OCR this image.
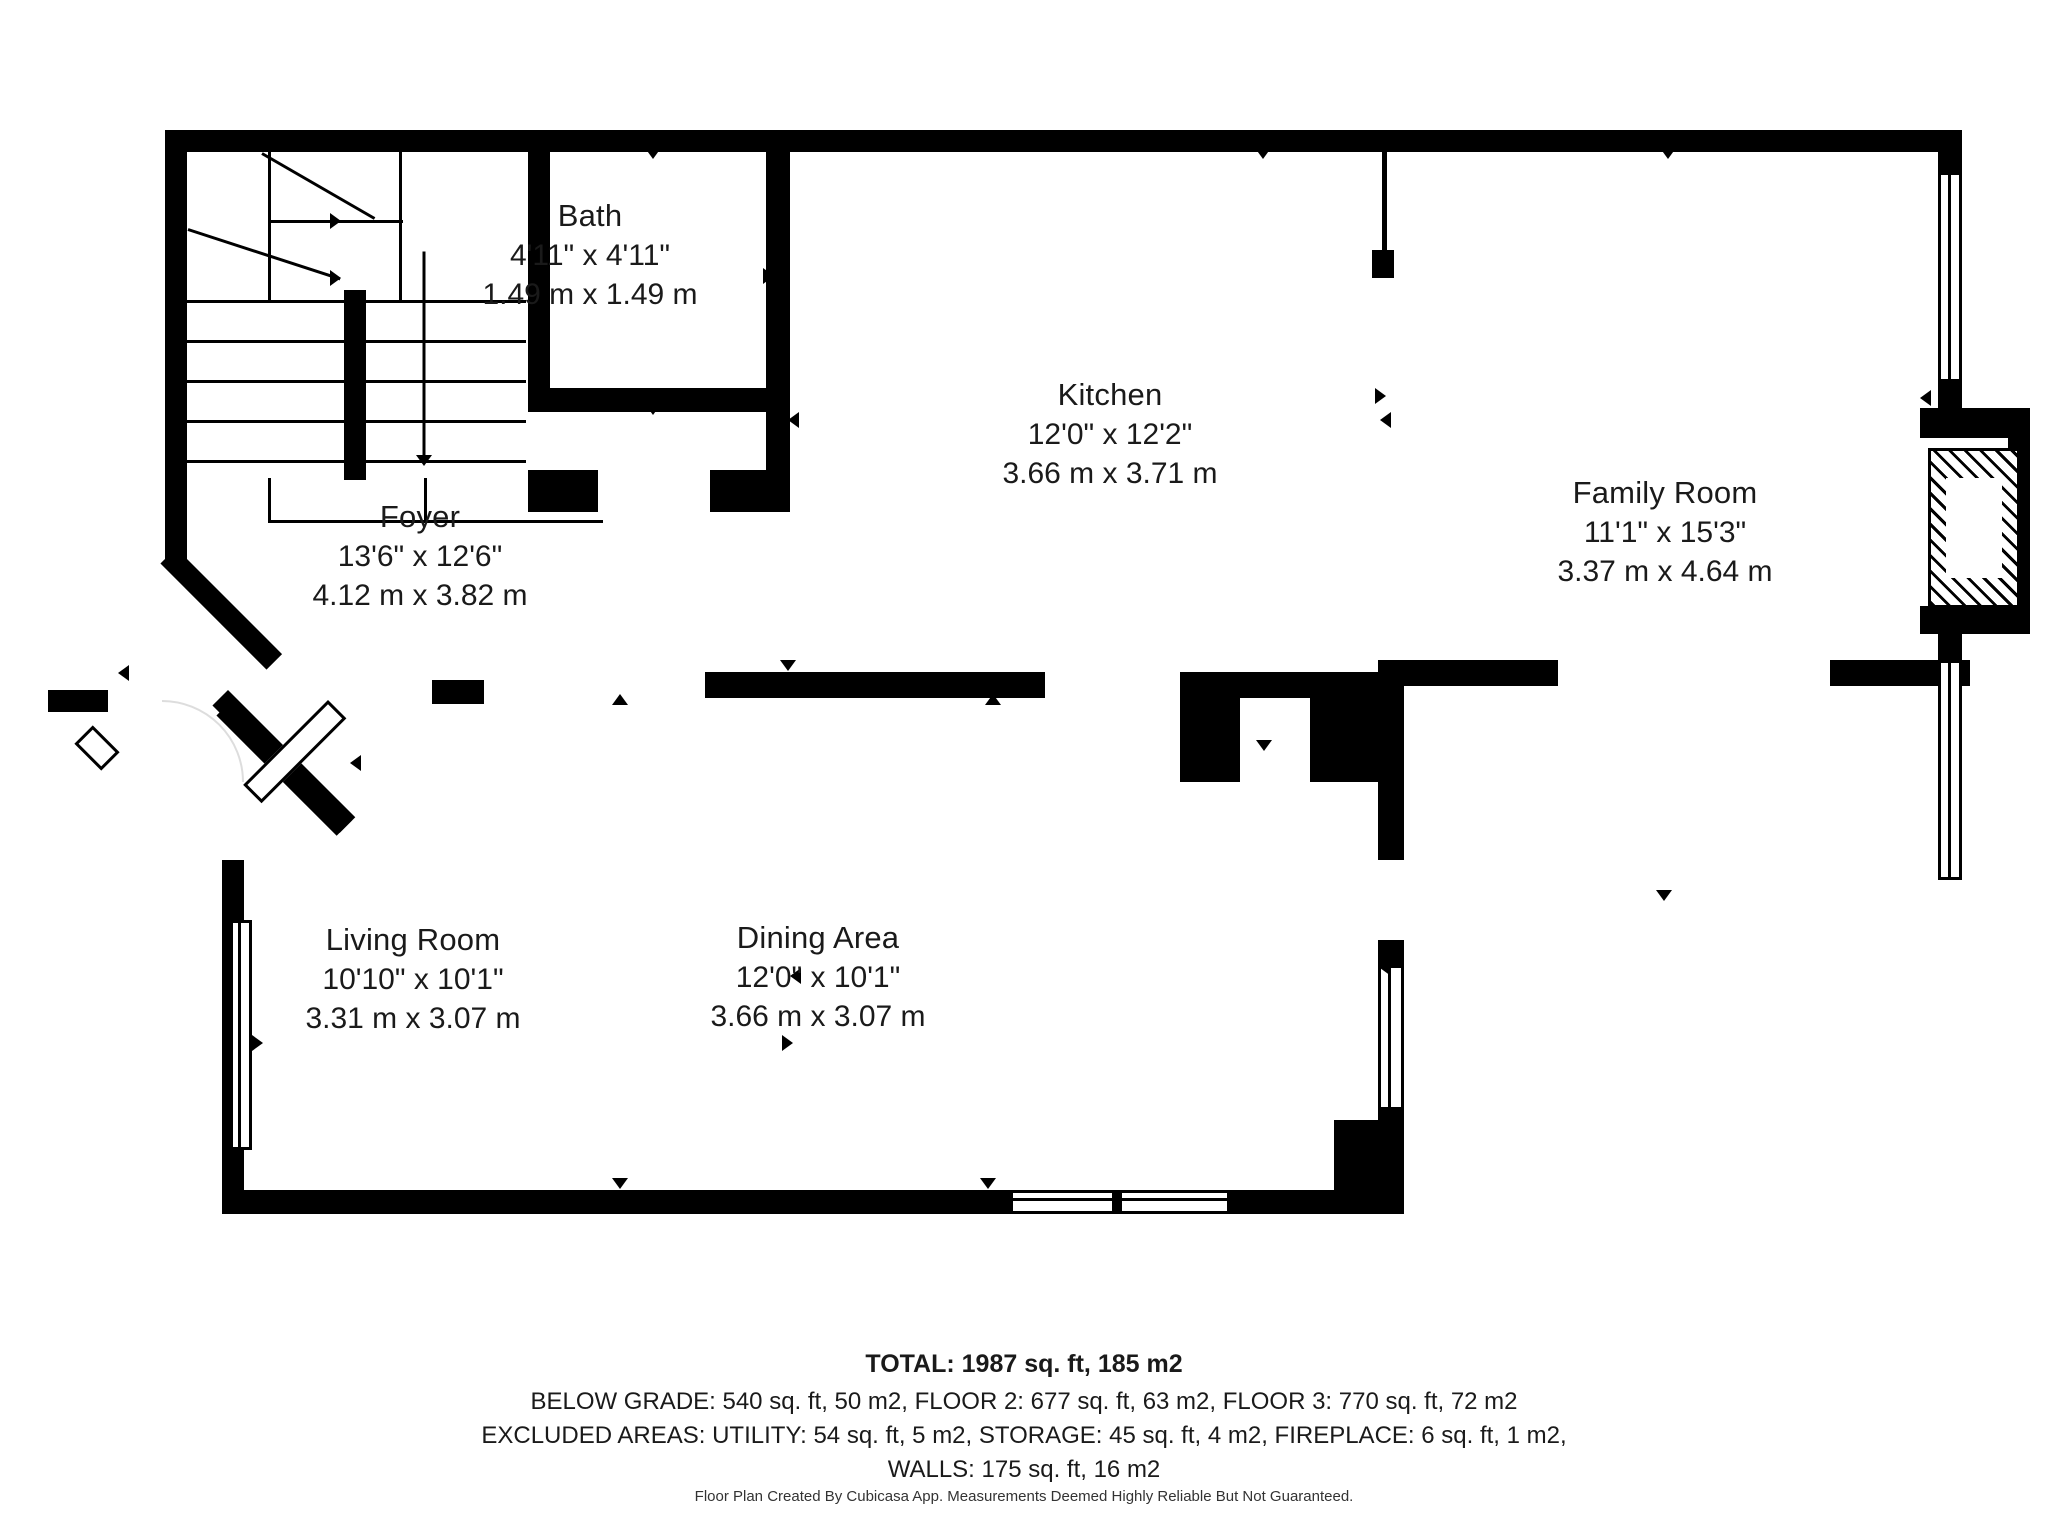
Bath
4'11" x 4'11"
1.49 m x 1.49 m
Kitchen
12'0" x 12'2"
3.66 m x 3.71 m
Family Room
11'1" x 15'3"
3.37 m x 4.64 m
Foyer
13'6" x 12'6"
4.12 m x 3.82 m
Living Room
10'10" x 10'1"
3.31 m x 3.07 m
Dining Area
12'0" x 10'1"
3.66 m x 3.07 m
TOTAL: 1987 sq. ft, 185 m2
BELOW GRADE: 540 sq. ft, 50 m2, FLOOR 2: 677 sq. ft, 63 m2, FLOOR 3: 770 sq. ft, 72 m2
EXCLUDED AREAS: UTILITY: 54 sq. ft, 5 m2, STORAGE: 45 sq. ft, 4 m2, FIREPLACE: 6 sq. ft, 1 m2,
WALLS: 175 sq. ft, 16 m2
Floor Plan Created By Cubicasa App. Measurements Deemed Highly Reliable But Not Guaranteed.
